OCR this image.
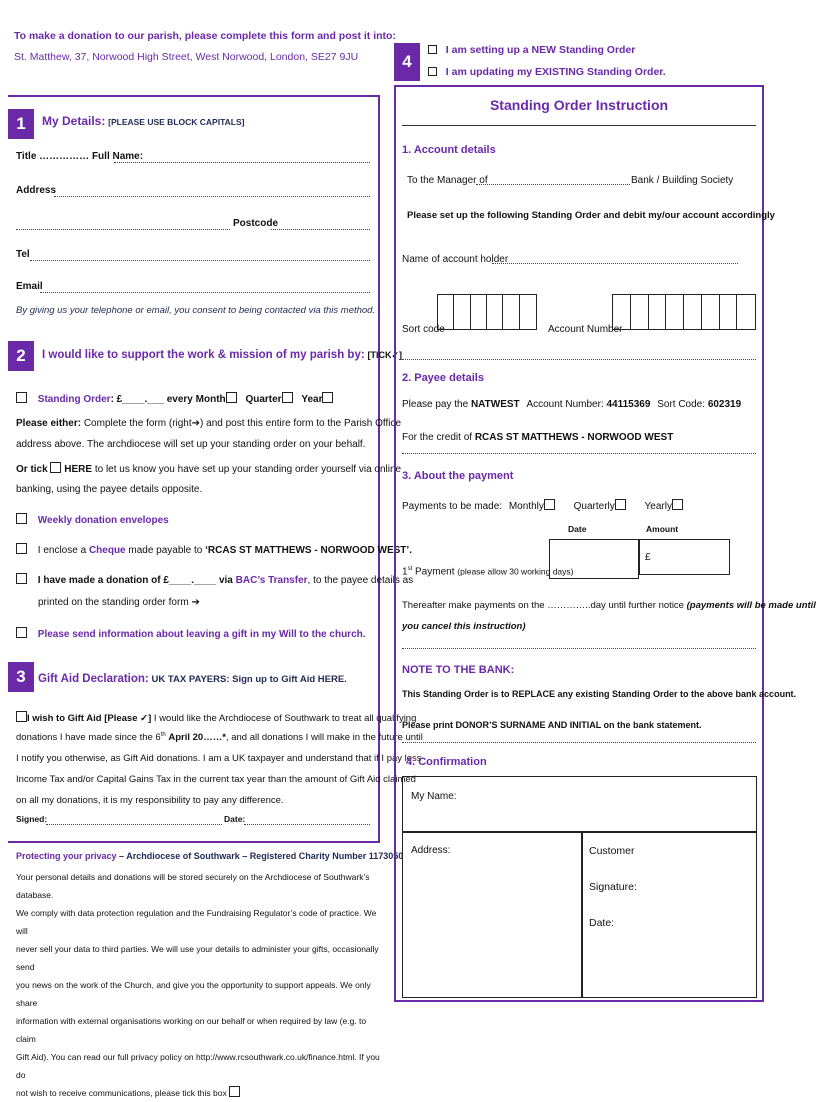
To make a donation to our parish, please complete this form and post it into:
St. Matthew, 37, Norwood High Street, West Norwood, London, SE27 9JU
1	My Details: [PLEASE USE BLOCK CAPITALS]
Title …………… Full Name:
Address
Postcode
Tel
Email
By giving us your telephone or email, you consent to being contacted via this method.
2	I would like to support the work & mission of my parish by: [TICK✓]
Standing Order: £____.___ every Month Quarter Year
Please either: Complete the form (right➔) and post this entire form to the Parish Office
address above. The archdiocese will set up your standing order on your behalf.
Or tick HERE to let us know you have set up your standing order yourself via online
banking, using the payee details opposite.
Weekly donation envelopes
I enclose a Cheque made payable to ‘RCAS ST MATTHEWS - NORWOOD WEST’.
I have made a donation of £____.____ via BAC’s Transfer, to the payee details as
printed on the standing order form ➔
Please send information about leaving a gift in my Will to the church.
3	Gift Aid Declaration: UK TAX PAYERS: Sign up to Gift Aid HERE.
I wish to Gift Aid [Please ✓] I would like the Archdiocese of Southwark to treat all qualifying
donations I have made since the 6th April 20……*, and all donations I will make in the future until
I notify you otherwise, as Gift Aid donations. I am a UK taxpayer and understand that if I pay less
Income Tax and/or Capital Gains Tax in the current tax year than the amount of Gift Aid claimed
on all my donations, it is my responsibility to pay any difference.
Signed:	Date:
Protecting your privacy – Archdiocese of Southwark – Registered Charity Number 1173050
Your personal details and donations will be stored securely on the Archdiocese of Southwark’s database.
We comply with data protection regulation and the Fundraising Regulator’s code of practice. We will
never sell your data to third parties. We will use your details to administer your gifts, occasionally send
you news on the work of the Church, and give you the opportunity to support appeals. We only share
information with external organisations working on our behalf or when required by law (e.g. to claim
Gift Aid). You can read our full privacy policy on http://www.rcsouthwark.co.uk/finance.html. If you do
not wish to receive communications, please tick this box
4
I am setting up a NEW Standing Order
I am updating my EXISTING Standing Order.
Standing Order Instruction
1. Account details
To the Manager of	Bank / Building Society
Please set up the following Standing Order and debit my/our account accordingly
Name of account holder
Sort code	Account Number
2. Payee details
Please pay the NATWEST Account Number: 44115369 Sort Code: 602319
For the credit of RCAS ST MATTHEWS - NORWOOD WEST
3. About the payment
Payments to be made: Monthly	Quarterly	Yearly
Date	Amount
£
1st Payment (please allow 30 working days)
Thereafter make payments on the …………..day until further notice (payments will be made until
you cancel this instruction)
NOTE TO THE BANK:
This Standing Order is to REPLACE any existing Standing Order to the above bank account.
Please print DONOR’S SURNAME AND INITIAL on the bank statement.
4. Confirmation
My Name:
Address:	Customer
Signature:
Date:
